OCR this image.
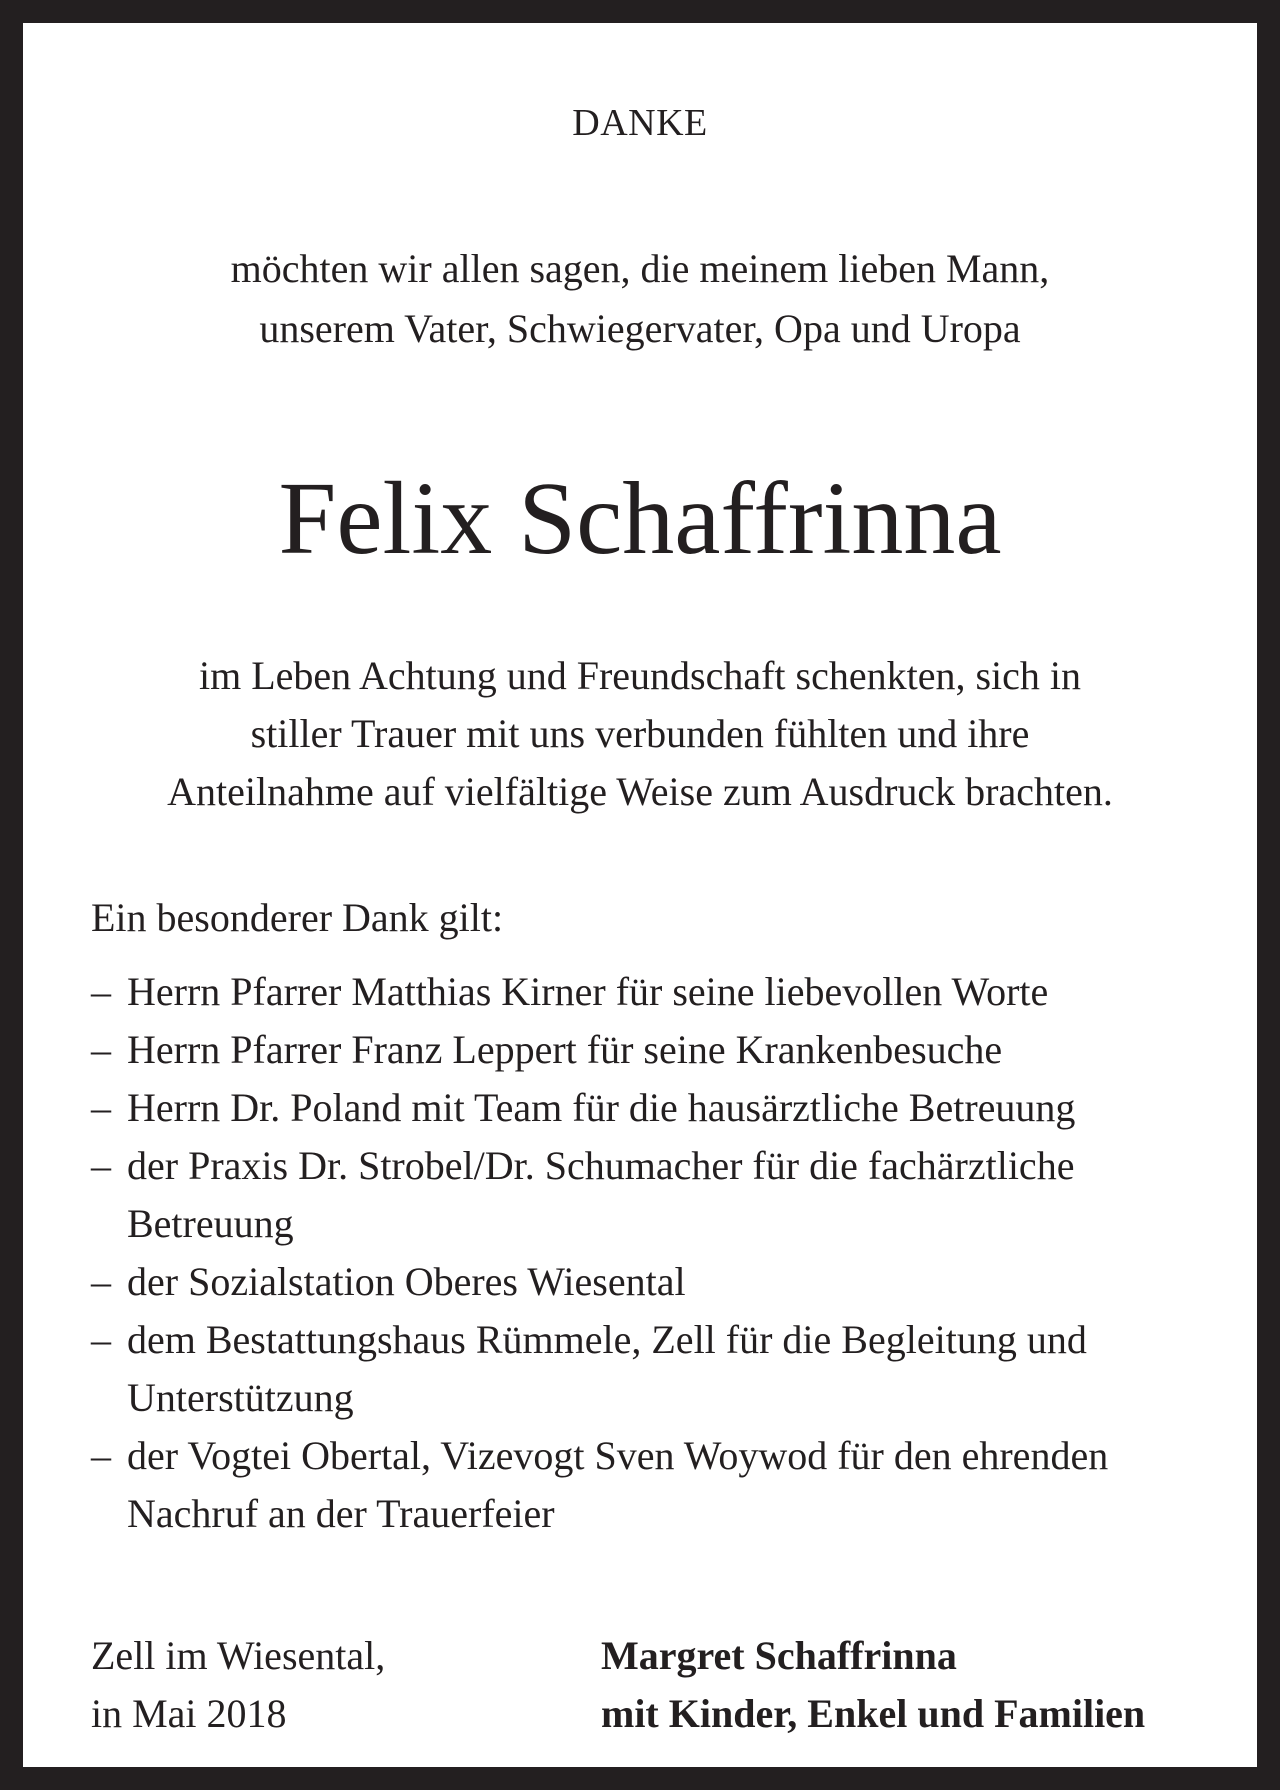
DANKE
möchten wir allen sagen, die meinem lieben Mann,
unserem Vater, Schwiegervater, Opa und Uropa
Felix Schaffrinna
im Leben Achtung und Freundschaft schenkten, sich in
stiller Trauer mit uns verbunden fühlten und ihre
Anteilnahme auf vielfältige Weise zum Ausdruck brachten.
Ein besonderer Dank gilt:
– Herrn Pfarrer Matthias Kirner für seine liebevollen Worte
– Herrn Pfarrer Franz Leppert für seine Krankenbesuche
– Herrn Dr. Poland mit Team für die hausärztliche Betreuung
– der Praxis Dr. Strobel/Dr. Schumacher für die fachärztliche Betreuung
– der Sozialstation Oberes Wiesental
– dem Bestattungshaus Rümmele, Zell für die Begleitung und Unterstützung
– der Vogtei Obertal, Vizevogt Sven Woywod für den ehrenden Nachruf an der Trauerfeier
Zell im Wiesental,
in Mai 2018
Margret Schaffrinna
mit Kinder, Enkel und Familien
